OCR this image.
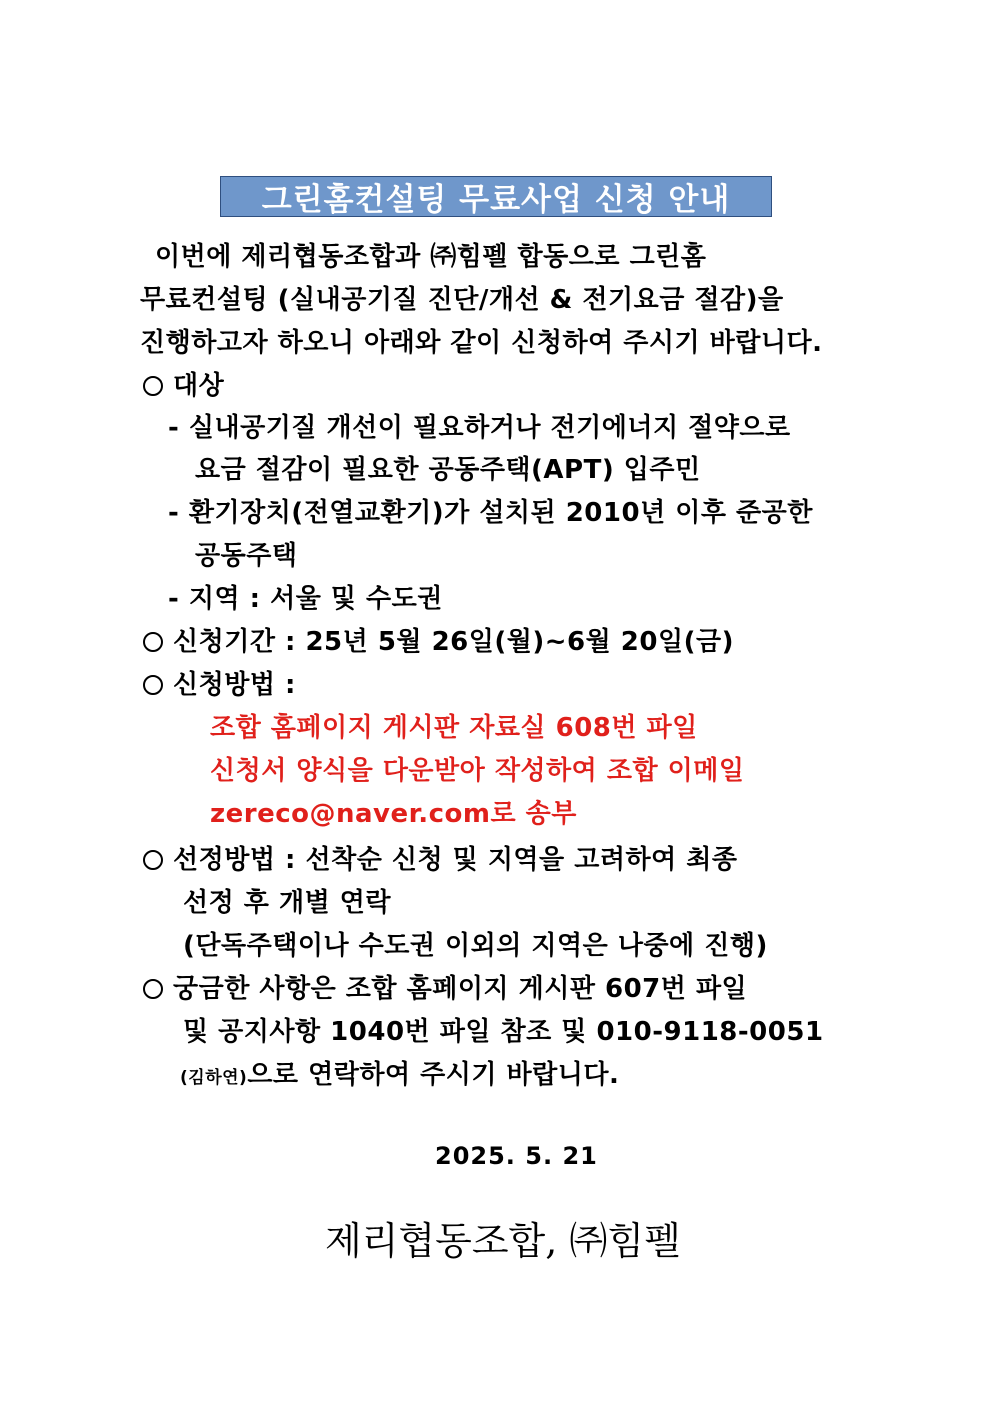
그린홈컨설팅 무료사업 신청 안내
이번에 제리협동조합과 ㈜힘펠 합동으로 그린홈
무료컨설팅 (실내공기질 진단/개선 & 전기요금 절감)을
진행하고자 하오니 아래와 같이 신청하여 주시기 바랍니다.
대상
- 실내공기질 개선이 필요하거나 전기에너지 절약으로
요금 절감이 필요한 공동주택(APT) 입주민
- 환기장치(전열교환기)가 설치된 2010년 이후 준공한
공동주택
- 지역 : 서울 및 수도권
신청기간 : 25년 5월 26일(월)~6월 20일(금)
신청방법 :
조합 홈페이지 게시판 자료실 608번 파일
신청서 양식을 다운받아 작성하여 조합 이메일
zereco@naver.com로 송부
선정방법 : 선착순 신청 및 지역을 고려하여 최종
선정 후 개별 연락
(단독주택이나 수도권 이외의 지역은 나중에 진행)
궁금한 사항은 조합 홈페이지 게시판 607번 파일
및 공지사항 1040번 파일 참조 및 010-9118-0051
(김하연)으로 연락하여 주시기 바랍니다.
2025. 5. 21
제리협동조합, ㈜힘펠
